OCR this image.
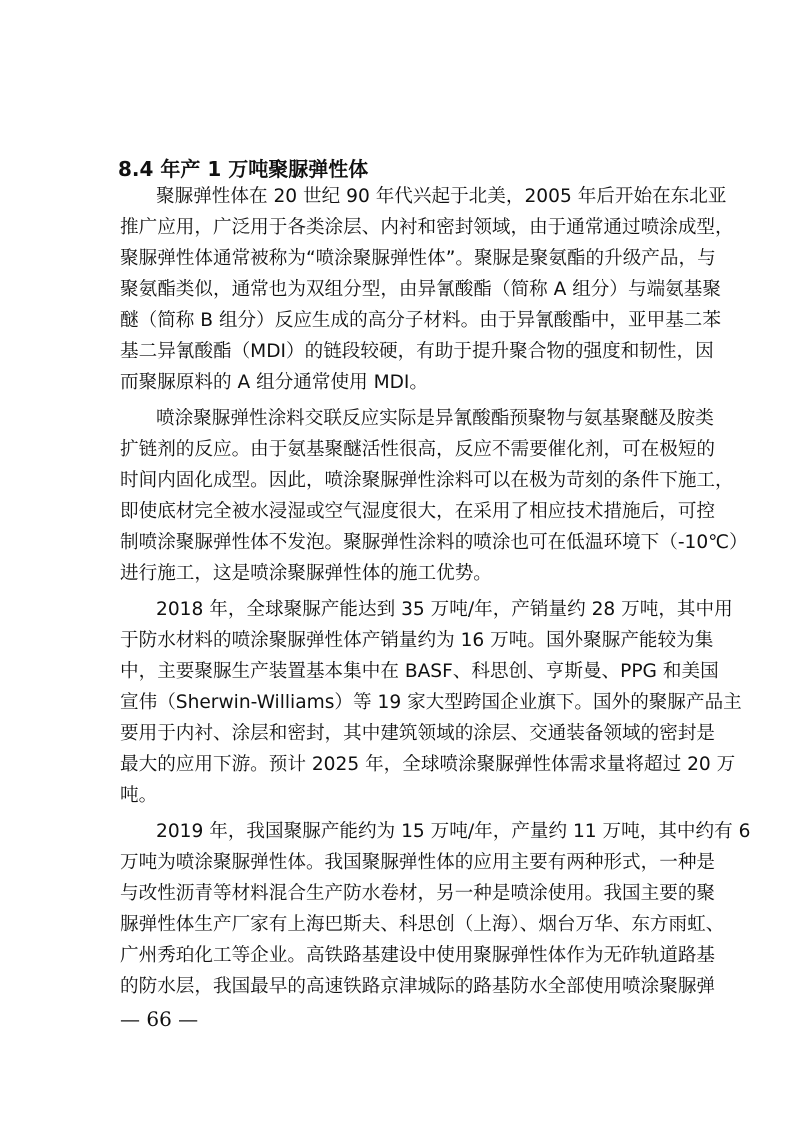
8.4 年产 1 万吨聚脲弹性体
聚脲弹性体在 20 世纪 90 年代兴起于北美，2005 年后开始在东北亚
推广应用，广泛用于各类涂层、内衬和密封领域，由于通常通过喷涂成型，
聚脲弹性体通常被称为“喷涂聚脲弹性体”。聚脲是聚氨酯的升级产品，与
聚氨酯类似，通常也为双组分型，由异氰酸酯（简称 A 组分）与端氨基聚
醚（简称 B 组分）反应生成的高分子材料。由于异氰酸酯中，亚甲基二苯
基二异氰酸酯（MDI）的链段较硬，有助于提升聚合物的强度和韧性，因
而聚脲原料的 A 组分通常使用 MDI。
喷涂聚脲弹性涂料交联反应实际是异氰酸酯预聚物与氨基聚醚及胺类
扩链剂的反应。由于氨基聚醚活性很高，反应不需要催化剂，可在极短的
时间内固化成型。因此，喷涂聚脲弹性涂料可以在极为苛刻的条件下施工，
即使底材完全被水浸湿或空气湿度很大，在采用了相应技术措施后，可控
制喷涂聚脲弹性体不发泡。聚脲弹性涂料的喷涂也可在低温环境下（-10℃）
进行施工，这是喷涂聚脲弹性体的施工优势。
2018 年，全球聚脲产能达到 35 万吨/年，产销量约 28 万吨，其中用
于防水材料的喷涂聚脲弹性体产销量约为 16 万吨。国外聚脲产能较为集
中，主要聚脲生产装置基本集中在 BASF、科思创、亨斯曼、PPG 和美国
宣伟（Sherwin-Williams）等 19 家大型跨国企业旗下。国外的聚脲产品主
要用于内衬、涂层和密封，其中建筑领域的涂层、交通装备领域的密封是
最大的应用下游。预计 2025 年，全球喷涂聚脲弹性体需求量将超过 20 万
吨。
2019 年，我国聚脲产能约为 15 万吨/年，产量约 11 万吨，其中约有 6
万吨为喷涂聚脲弹性体。我国聚脲弹性体的应用主要有两种形式，一种是
与改性沥青等材料混合生产防水卷材，另一种是喷涂使用。我国主要的聚
脲弹性体生产厂家有上海巴斯夫、科思创（上海）、烟台万华、东方雨虹、
广州秀珀化工等企业。高铁路基建设中使用聚脲弹性体作为无砟轨道路基
的防水层，我国最早的高速铁路京津城际的路基防水全部使用喷涂聚脲弹
— 66 —
